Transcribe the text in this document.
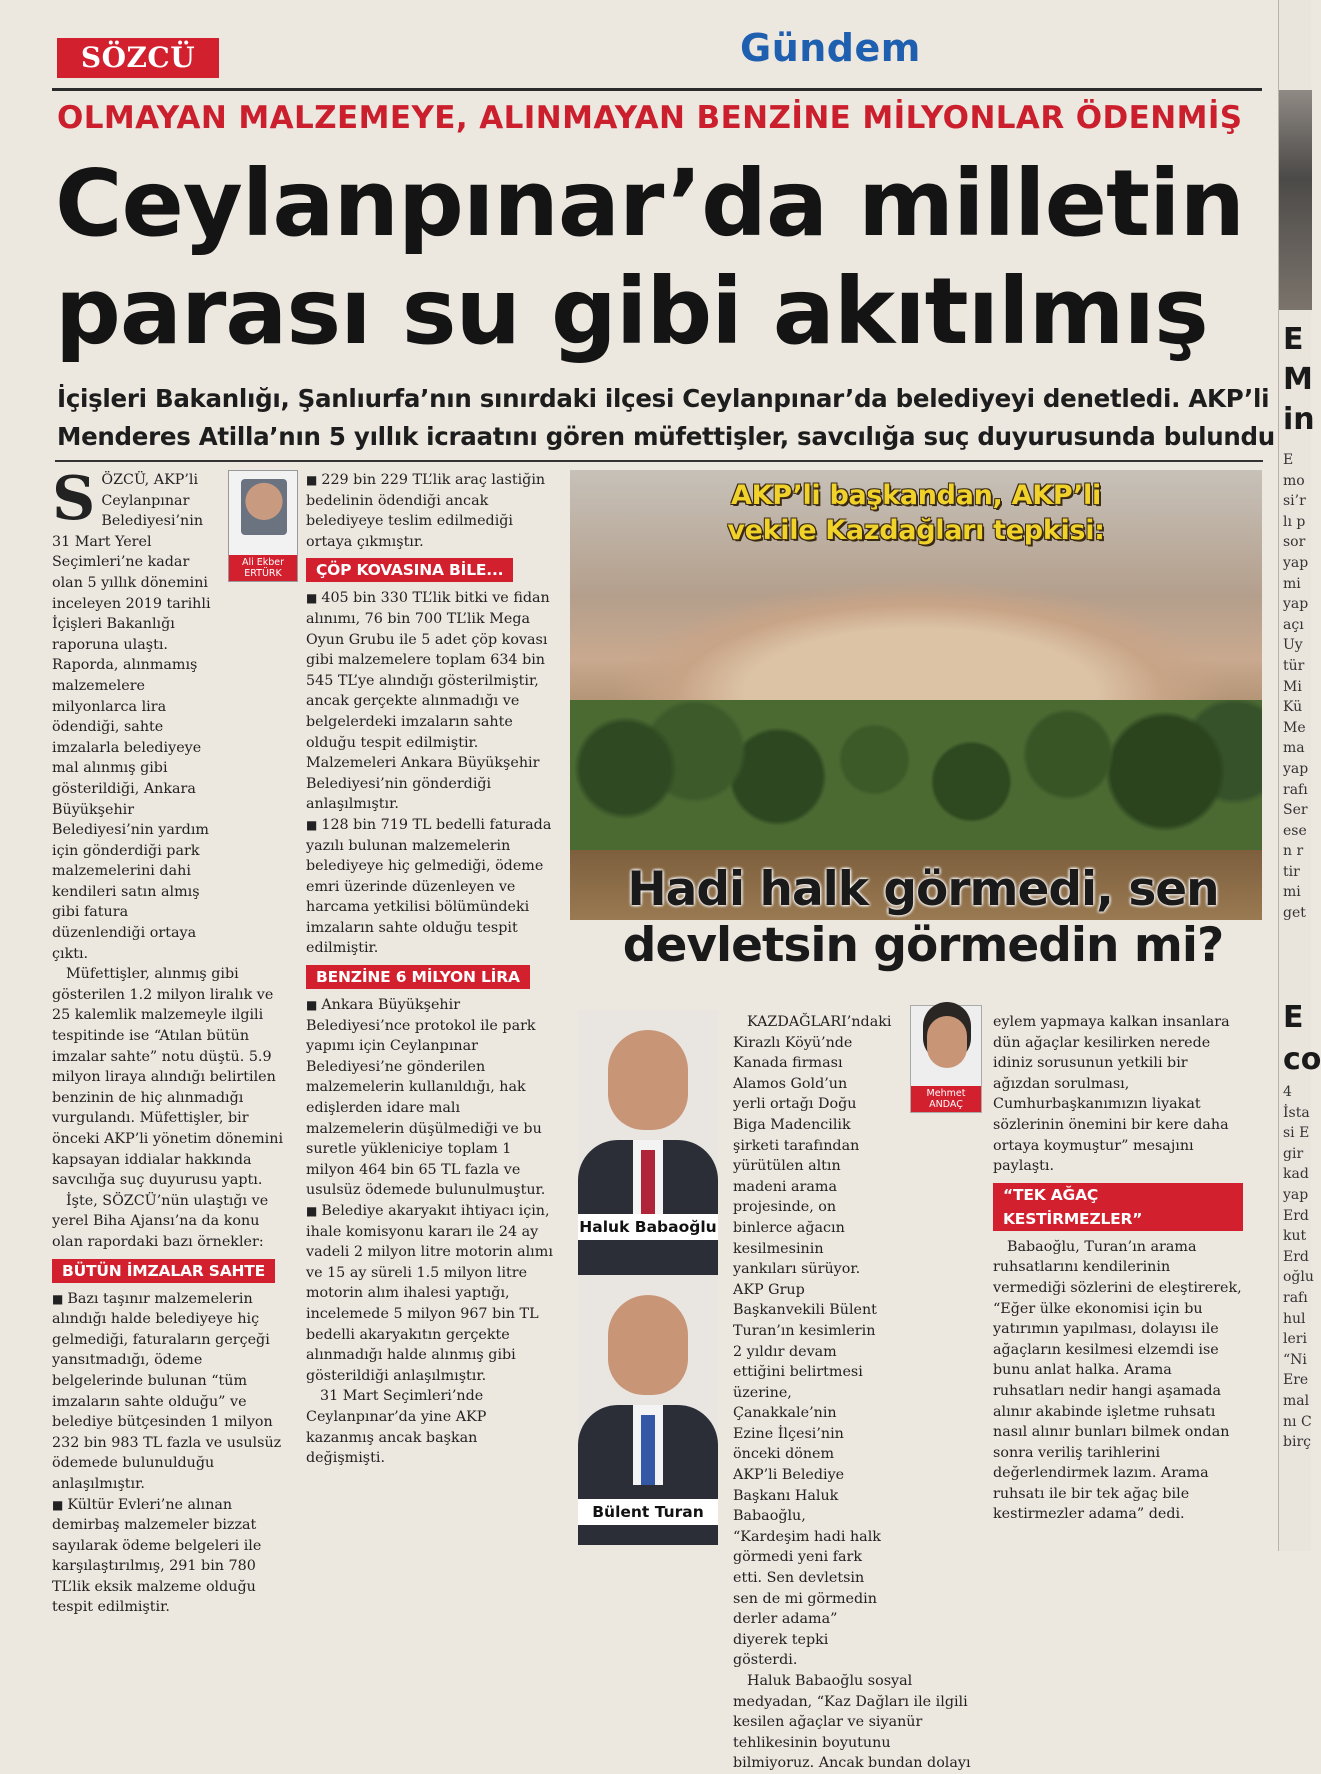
SÖZCÜ	Gündem
OLMAYAN MALZEMEYE, ALINMAYAN BENZİNE MİLYONLAR ÖDENMİŞ
Ceylanpınar’da milletin
parası su gibi akıtılmış
İçişleri Bakanlığı, Şanlıurfa’nın sınırdaki ilçesi Ceylanpınar’da belediyeyi denetledi. AKP’li
Menderes Atilla’nın 5 yıllık icraatını gören müfettişler, savcılığa suç duyurusunda bulundu
Ali Ekber
ERTÜRK

SÖZCÜ, AKP’li Ceylanpınar Belediyesi’nin 31 Mart Yerel Seçimleri’ne kadar olan 5 yıllık dönemini inceleyen 2019 tarihli İçişleri Bakanlığı raporuna ulaştı. Raporda, alınmamış malzemelere milyonlarca lira ödendiği, sahte imzalarla belediyeye mal alınmış gibi gösterildiği, Ankara Büyükşehir Belediyesi’nin yardım için gönderdiği park malzemelerini dahi kendileri satın almış gibi fatura düzenlendiği ortaya çıktı.

Müfettişler, alınmış gibi gösterilen 1.2 milyon liralık ve 25 kalemlik malzemeyle ilgili tespitinde ise “Atılan bütün imzalar sahte” notu düştü. 5.9 milyon liraya alındığı belirtilen benzinin de hiç alınmadığı vurgulandı. Müfettişler, bir önceki AKP’li yönetim dönemini kapsayan iddialar hakkında savcılığa suç duyurusu yaptı.

İşte, SÖZCÜ’nün ulaştığı ve yerel Biha Ajansı’na da konu olan rapordaki bazı örnekler:

BÜTÜN İMZALAR SAHTE

■ Bazı taşınır malzemelerin alındığı halde belediyeye hiç gelmediği, faturaların gerçeği yansıtmadığı, ödeme belgelerinde bulunan “tüm imzaların sahte olduğu” ve belediye bütçesinden 1 milyon 232 bin 983 TL fazla ve usulsüz ödemede bulunulduğu anlaşılmıştır.

■ Kültür Evleri’ne alınan demirbaş malzemeler bizzat sayılarak ödeme belgeleri ile karşılaştırılmış, 291 bin 780 TL’lik eksik malzeme olduğu tespit edilmiştir.

■ 229 bin 229 TL’lik araç lastiğin bedelinin ödendiği ancak belediyeye teslim edilmediği ortaya çıkmıştır.

ÇÖP KOVASINA BİLE...

■ 405 bin 330 TL’lik bitki ve fidan alınımı, 76 bin 700 TL’lik Mega Oyun Grubu ile 5 adet çöp kovası gibi malzemelere toplam 634 bin 545 TL’ye alındığı gösterilmiştir, ancak gerçekte alınmadığı ve belgelerdeki imzaların sahte olduğu tespit edilmiştir. Malzemeleri Ankara Büyükşehir Belediyesi’nin gönderdiği anlaşılmıştır.

■ 128 bin 719 TL bedelli faturada yazılı bulunan malzemelerin belediyeye hiç gelmediği, ödeme emri üzerinde düzenleyen ve harcama yetkilisi bölümündeki imzaların sahte olduğu tespit edilmiştir.

BENZİNE 6 MİLYON LİRA

■ Ankara Büyükşehir Belediyesi’nce protokol ile park yapımı için Ceylanpınar Belediyesi’ne gönderilen malzemelerin kullanıldığı, hak edişlerden idare malı malzemelerin düşülmediği ve bu suretle yükleniciye toplam 1 milyon 464 bin 65 TL fazla ve usulsüz ödemede bulunulmuştur.

■ Belediye akaryakıt ihtiyacı için, ihale komisyonu kararı ile 24 ay vadeli 2 milyon litre motorin alımı ve 15 ay süreli 1.5 milyon litre motorin alım ihalesi yaptığı, incelemede 5 milyon 967 bin TL bedelli akaryakıtın gerçekte alınmadığı halde alınmış gibi gösterildiği anlaşılmıştır.

31 Mart Seçimleri’nde Ceylanpınar’da yine AKP kazanmış ancak başkan değişmişti.

AKP’li başkandan, AKP’li
vekile Kazdağları tepkisi:
Hadi halk görmedi, sen
devletsin görmedin mi?
Haluk Babaoğlu
Bülent Turan
Mehmet
ANDAÇ

KAZDAĞLARI’ndaki Kirazlı Köyü’nde Kanada firması Alamos Gold’un yerli ortağı Doğu Biga Madencilik şirketi tarafından yürütülen altın madeni arama projesinde, on binlerce ağacın kesilmesinin yankıları sürüyor. AKP Grup Başkanvekili Bülent Turan’ın kesimlerin 2 yıldır devam ettiğini belirtmesi üzerine, Çanakkale’nin Ezine İlçesi’nin önceki dönem AKP’li Belediye Başkanı Haluk Babaoğlu, “Kardeşim hadi halk görmedi yeni fark etti. Sen devletsin sen de mi görmedin derler adama” diyerek tepki gösterdi.

Haluk Babaoğlu sosyal medyadan, “Kaz Dağları ile ilgili kesilen ağaçlar ve siyanür tehlikesinin boyutunu bilmiyoruz. Ancak bundan dolayı

eylem yapmaya kalkan insanlara dün ağaçlar kesilirken nerede idiniz sorusunun yetkili bir ağızdan sorulması, Cumhurbaşkanımızın liyakat sözlerinin önemini bir kere daha ortaya koymuştur” mesajını paylaştı.

“TEK AĞAÇ KESTİRMEZLER”

Babaoğlu, Turan’ın arama ruhsatlarını kendilerinin vermediği sözlerini de eleştirerek, “Eğer ülke ekonomisi için bu yatırımın yapılması, dolayısı ile ağaçların kesilmesi elzemdi ise bunu anlat halka. Arama ruhsatları nedir hangi aşamada alınır akabinde işletme ruhsatı nasıl alınır bunları bilmek ondan sonra veriliş tarihlerini değerlendirmek lazım. Arama ruhsatı ile bir tek ağaç bile kestirmezler adama” dedi.

E
M
in
E
co
E
mo
si’r
lı p
sor
yap
mi
yap
açı
Uy
tür
Mi
Kü
Me
ma
yap
rafı
Ser
ese
n r
tir
mi
get
4
İsta
si E
gir
kad
yap
Erd
kut
Erd
oğlu
rafı
hul
leri
“Ni
Ere
mal
nı C
birç
